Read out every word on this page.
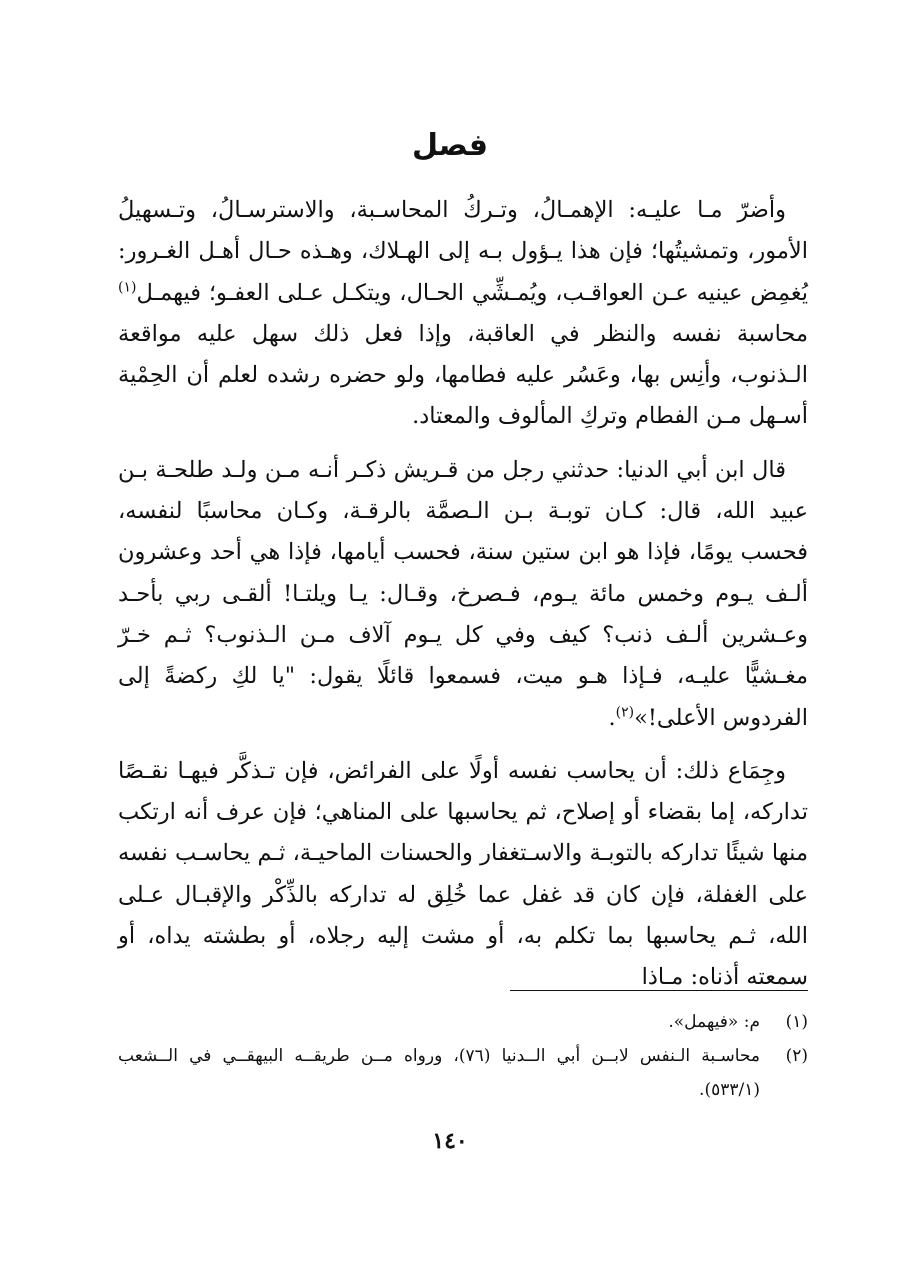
فصل

وأضرّ مـا عليـه: الإهمـالُ، وتـركُ المحاسـبة، والاسترسـالُ، وتـسهيلُ الأمور، وتمشيتُها؛ فإن هذا يـؤول بـه إلى الهـلاك، وهـذه حـال أهـل الغـرور: يُغمِض عينيه عـن العواقـب، ويُمـشِّي الحـال، ويتكـل عـلى العفـو؛ فيهمـل$^{(١)}$ محاسبة نفسه والنظر في العاقبة، وإذا فعل ذلك سهل عليه مواقعة الـذنوب، وأنِس بها، وعَسُر عليه فطامها، ولو حضره رشده لعلم أن الحِمْية أسـهل مـن الفطام وتركِ المألوف والمعتاد.

قال ابن أبي الدنيا: حدثني رجل من قـريش ذكـر أنـه مـن ولـد طلحـة بـن عبيد الله، قال: كـان توبـة بـن الـصمَّة بالرقـة، وكـان محاسبًا لنفسه، فحسب يومًا، فإذا هو ابن ستين سنة، فحسب أيامها، فإذا هي أحد وعشرون ألـف يـوم وخمس مائة يـوم، فـصرخ، وقـال: يـا ويلتـا! ألقـى ربي بأحـد وعـشرين ألـف ذنب؟ كيف وفي كل يـوم آلاف مـن الـذنوب؟ ثـم خـرّ مغـشيًّا عليـه، فـإذا هـو ميت، فسمعوا قائلًا يقول: "يا لكِ ركضةً إلى الفردوس الأعلى!»$^{(٢)}$.

وجِمَاع ذلك: أن يحاسب نفسه أولًا على الفرائض، فإن تـذكَّر فيهـا نقـصًا تداركه، إما بقضاء أو إصلاح، ثم يحاسبها على المناهي؛ فإن عرف أنه ارتكب منها شيئًا تداركه بالتوبـة والاسـتغفار والحسنات الماحيـة، ثـم يحاسـب نفسه على الغفلة، فإن كان قد غفل عما خُلِق له تداركه بالذِّكْر والإقبـال عـلى الله، ثـم يحاسبها بما تكلم به، أو مشت إليه رجلاه، أو بطشته يداه، أو سمعته أذناه: مـاذا

(١)
م: «فيهمل».
(٢)
محاسـبة الـنفس لابــن أبي الــدنيا (٧٦)، ورواه مــن طريقــه البيهقــي في الــشعب (٥٣٣/١).
١٤٠
